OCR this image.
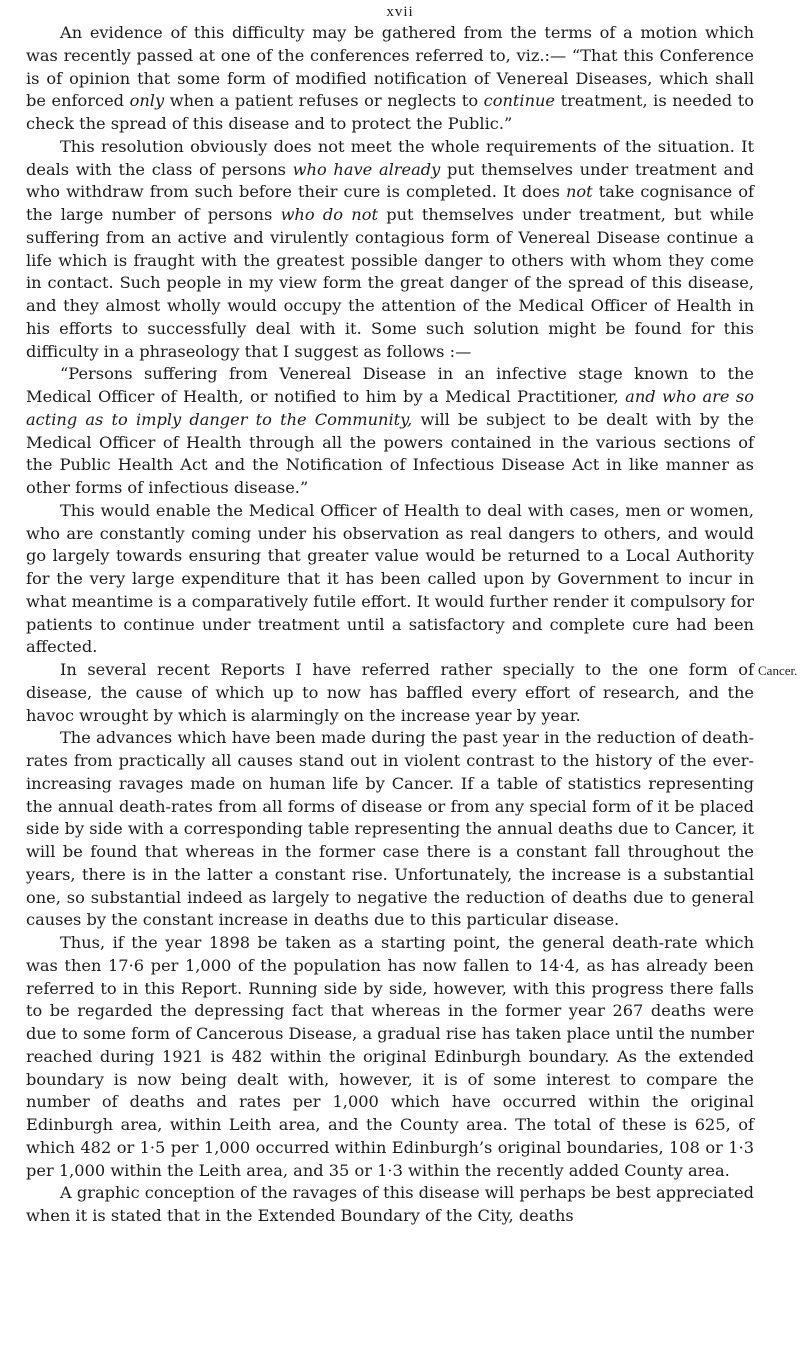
xvii

An evidence of this difficulty may be gathered from the terms of a motion which was recently passed at one of the conferences referred to, viz.:— “That this Conference is of opinion that some form of modified notification of Venereal Diseases, which shall be enforced only when a patient refuses or neglects to continue treatment, is needed to check the spread of this disease and to protect the Public.”

This resolution obviously does not meet the whole requirements of the situation. It deals with the class of persons who have already put themselves under treatment and who withdraw from such before their cure is completed. It does not take cognisance of the large number of persons who do not put themselves under treatment, but while suffering from an active and virulently contagious form of Venereal Disease continue a life which is fraught with the greatest possible danger to others with whom they come in contact. Such people in my view form the great danger of the spread of this disease, and they almost wholly would occupy the attention of the Medical Officer of Health in his efforts to successfully deal with it. Some such solution might be found for this difficulty in a phraseology that I suggest as follows :—

“Persons suffering from Venereal Disease in an infective stage known to the Medical Officer of Health, or notified to him by a Medical Practitioner, and who are so acting as to imply danger to the Community, will be subject to be dealt with by the Medical Officer of Health through all the powers contained in the various sections of the Public Health Act and the Notification of Infectious Disease Act in like manner as other forms of infectious disease.”

This would enable the Medical Officer of Health to deal with cases, men or women, who are constantly coming under his observation as real dangers to others, and would go largely towards ensuring that greater value would be returned to a Local Authority for the very large expenditure that it has been called upon by Government to incur in what meantime is a comparatively futile effort. It would further render it compulsory for patients to continue under treatment until a satisfactory and complete cure had been affected.

In several recent Reports I have referred rather specially to the one form of disease, the cause of which up to now has baffled every effort of research, and the havoc wrought by which is alarmingly on the increase year by year.

The advances which have been made during the past year in the reduction of death-rates from practically all causes stand out in violent contrast to the history of the ever-increasing ravages made on human life by Cancer. If a table of statistics representing the annual death-rates from all forms of disease or from any special form of it be placed side by side with a corresponding table representing the annual deaths due to Cancer, it will be found that whereas in the former case there is a constant fall throughout the years, there is in the latter a constant rise. Unfortunately, the increase is a substantial one, so substantial indeed as largely to negative the reduction of deaths due to general causes by the constant increase in deaths due to this particular disease.

Thus, if the year 1898 be taken as a starting point, the general death-rate which was then 17·6 per 1,000 of the population has now fallen to 14·4, as has already been referred to in this Report. Running side by side, however, with this progress there falls to be regarded the depressing fact that whereas in the former year 267 deaths were due to some form of Cancerous Disease, a gradual rise has taken place until the number reached during 1921 is 482 within the original Edinburgh boundary. As the extended boundary is now being dealt with, however, it is of some interest to compare the number of deaths and rates per 1,000 which have occurred within the original Edinburgh area, within Leith area, and the County area. The total of these is 625, of which 482 or 1·5 per 1,000 occurred within Edinburgh’s original boundaries, 108 or 1·3 per 1,000 within the Leith area, and 35 or 1·3 within the recently added County area.

A graphic conception of the ravages of this disease will perhaps be best appreciated when it is stated that in the Extended Boundary of the City, deaths

Cancer.
